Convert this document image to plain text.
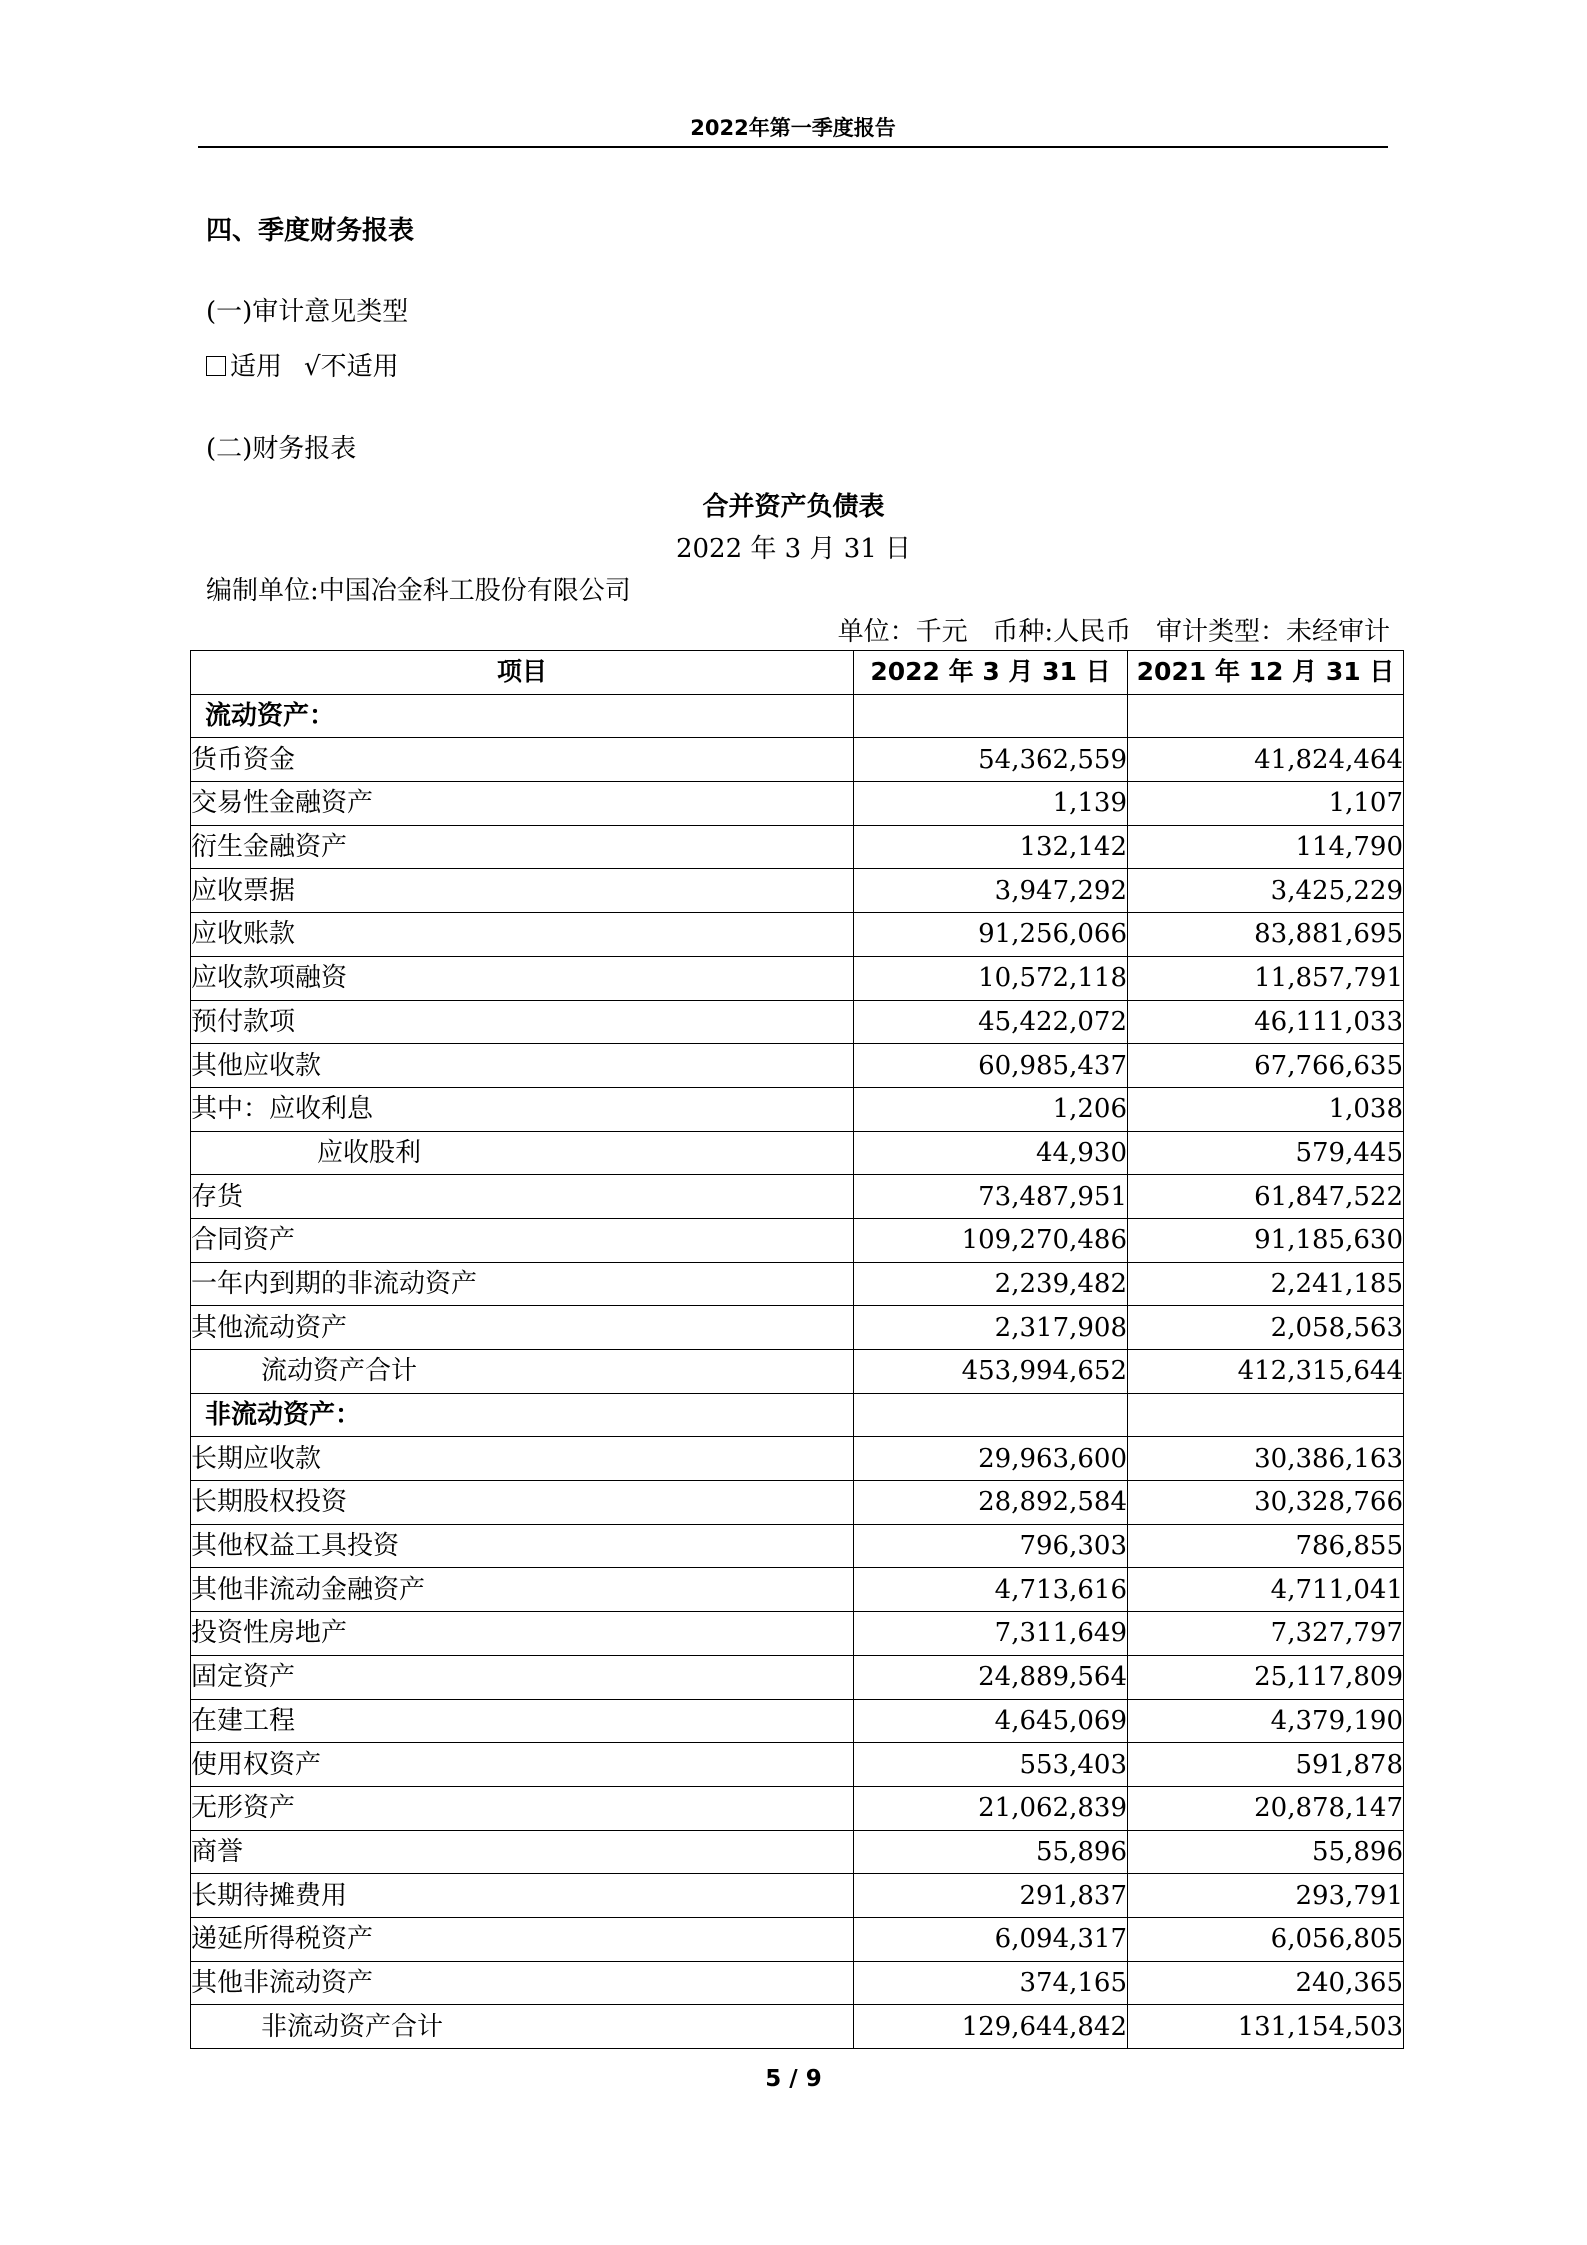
2022年第一季度报告
四、季度财务报表
(一)审计意见类型
适用 √不适用
(二)财务报表
合并资产负债表
2022 年 3 月 31 日
编制单位:中国冶金科工股份有限公司
单位：千元   币种:人民币   审计类型：未经审计
项目	2022 年 3 月 31 日	2021 年 12 月 31 日
流动资产：		
货币资金	54,362,559	41,824,464
交易性金融资产	1,139	1,107
衍生金融资产	132,142	114,790
应收票据	3,947,292	3,425,229
应收账款	91,256,066	83,881,695
应收款项融资	10,572,118	11,857,791
预付款项	45,422,072	46,111,033
其他应收款	60,985,437	67,766,635
其中：应收利息	1,206	1,038
应收股利	44,930	579,445
存货	73,487,951	61,847,522
合同资产	109,270,486	91,185,630
一年内到期的非流动资产	2,239,482	2,241,185
其他流动资产	2,317,908	2,058,563
流动资产合计	453,994,652	412,315,644
非流动资产：		
长期应收款	29,963,600	30,386,163
长期股权投资	28,892,584	30,328,766
其他权益工具投资	796,303	786,855
其他非流动金融资产	4,713,616	4,711,041
投资性房地产	7,311,649	7,327,797
固定资产	24,889,564	25,117,809
在建工程	4,645,069	4,379,190
使用权资产	553,403	591,878
无形资产	21,062,839	20,878,147
商誉	55,896	55,896
长期待摊费用	291,837	293,791
递延所得税资产	6,094,317	6,056,805
其他非流动资产	374,165	240,365
非流动资产合计	129,644,842	131,154,503
5 / 9
